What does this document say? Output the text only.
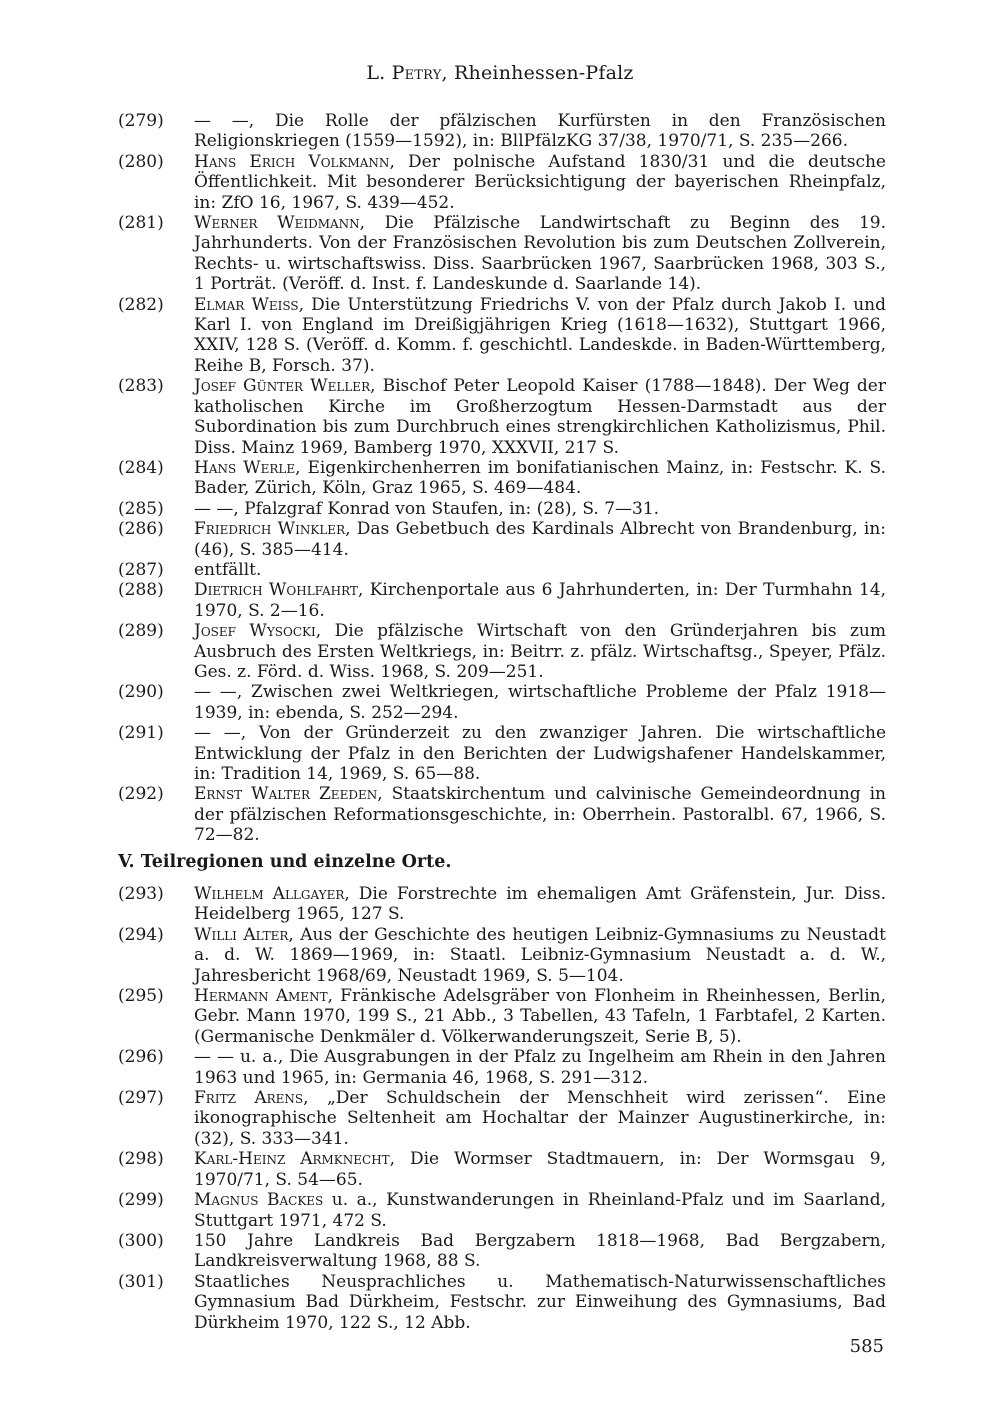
L. Petry, Rheinhessen-Pfalz

(279) — —, Die Rolle der pfälzischen Kurfürsten in den Französischen Religionskriegen (1559—1592), in: BllPfälzKG 37/38, 1970/71, S. 235—266.

(280) Hans Erich Volkmann, Der polnische Aufstand 1830/31 und die deutsche Öffentlichkeit. Mit besonderer Berücksichtigung der bayerischen Rheinpfalz, in: ZfO 16, 1967, S. 439—452.

(281) Werner Weidmann, Die Pfälzische Landwirtschaft zu Beginn des 19. Jahrhunderts. Von der Französischen Revolution bis zum Deutschen Zollverein, Rechts- u. wirtschaftswiss. Diss. Saarbrücken 1967, Saarbrücken 1968, 303 S., 1 Porträt. (Veröff. d. Inst. f. Landeskunde d. Saarlande 14).

(282) Elmar Weiss, Die Unterstützung Friedrichs V. von der Pfalz durch Jakob I. und Karl I. von England im Dreißigjährigen Krieg (1618—1632), Stuttgart 1966, XXIV, 128 S. (Veröff. d. Komm. f. geschichtl. Landeskde. in Baden-Württemberg, Reihe B, Forsch. 37).

(283) Josef Günter Weller, Bischof Peter Leopold Kaiser (1788—1848). Der Weg der katholischen Kirche im Großherzogtum Hessen-Darmstadt aus der Subordination bis zum Durchbruch eines strengkirchlichen Katholizismus, Phil. Diss. Mainz 1969, Bamberg 1970, XXXVII, 217 S.

(284) Hans Werle, Eigenkirchenherren im bonifatianischen Mainz, in: Festschr. K. S. Bader, Zürich, Köln, Graz 1965, S. 469—484.

(285) — —, Pfalzgraf Konrad von Staufen, in: (28), S. 7—31.

(286) Friedrich Winkler, Das Gebetbuch des Kardinals Albrecht von Brandenburg, in: (46), S. 385—414.

(287) entfällt.

(288) Dietrich Wohlfahrt, Kirchenportale aus 6 Jahrhunderten, in: Der Turmhahn 14, 1970, S. 2—16.

(289) Josef Wysocki, Die pfälzische Wirtschaft von den Gründerjahren bis zum Ausbruch des Ersten Weltkriegs, in: Beitrr. z. pfälz. Wirtschaftsg., Speyer, Pfälz. Ges. z. Förd. d. Wiss. 1968, S. 209—251.

(290) — —, Zwischen zwei Weltkriegen, wirtschaftliche Probleme der Pfalz 1918—1939, in: ebenda, S. 252—294.

(291) — —, Von der Gründerzeit zu den zwanziger Jahren. Die wirtschaftliche Entwicklung der Pfalz in den Berichten der Ludwigshafener Handelskammer, in: Tradition 14, 1969, S. 65—88.

(292) Ernst Walter Zeeden, Staatskirchentum und calvinische Gemeindeordnung in der pfälzischen Reformationsgeschichte, in: Oberrhein. Pastoralbl. 67, 1966, S. 72—82.

V. Teilregionen und einzelne Orte.

(293) Wilhelm Allgayer, Die Forstrechte im ehemaligen Amt Gräfenstein, Jur. Diss. Heidelberg 1965, 127 S.

(294) Willi Alter, Aus der Geschichte des heutigen Leibniz-Gymnasiums zu Neustadt a. d. W. 1869—1969, in: Staatl. Leibniz-Gymnasium Neustadt a. d. W., Jahresbericht 1968/69, Neustadt 1969, S. 5—104.

(295) Hermann Ament, Fränkische Adelsgräber von Flonheim in Rheinhessen, Berlin, Gebr. Mann 1970, 199 S., 21 Abb., 3 Tabellen, 43 Tafeln, 1 Farbtafel, 2 Karten. (Germanische Denkmäler d. Völkerwanderungszeit, Serie B, 5).

(296) — — u. a., Die Ausgrabungen in der Pfalz zu Ingelheim am Rhein in den Jahren 1963 und 1965, in: Germania 46, 1968, S. 291—312.

(297) Fritz Arens, „Der Schuldschein der Menschheit wird zerissen“. Eine ikonographische Seltenheit am Hochaltar der Mainzer Augustinerkirche, in: (32), S. 333—341.

(298) Karl-Heinz Armknecht, Die Wormser Stadtmauern, in: Der Wormsgau 9, 1970/71, S. 54—65.

(299) Magnus Backes u. a., Kunstwanderungen in Rheinland-Pfalz und im Saarland, Stuttgart 1971, 472 S.

(300) 150 Jahre Landkreis Bad Bergzabern 1818—1968, Bad Bergzabern, Landkreisverwaltung 1968, 88 S.

(301) Staatliches Neusprachliches u. Mathematisch-Naturwissenschaftliches Gymnasium Bad Dürkheim, Festschr. zur Einweihung des Gymnasiums, Bad Dürkheim 1970, 122 S., 12 Abb.

585
